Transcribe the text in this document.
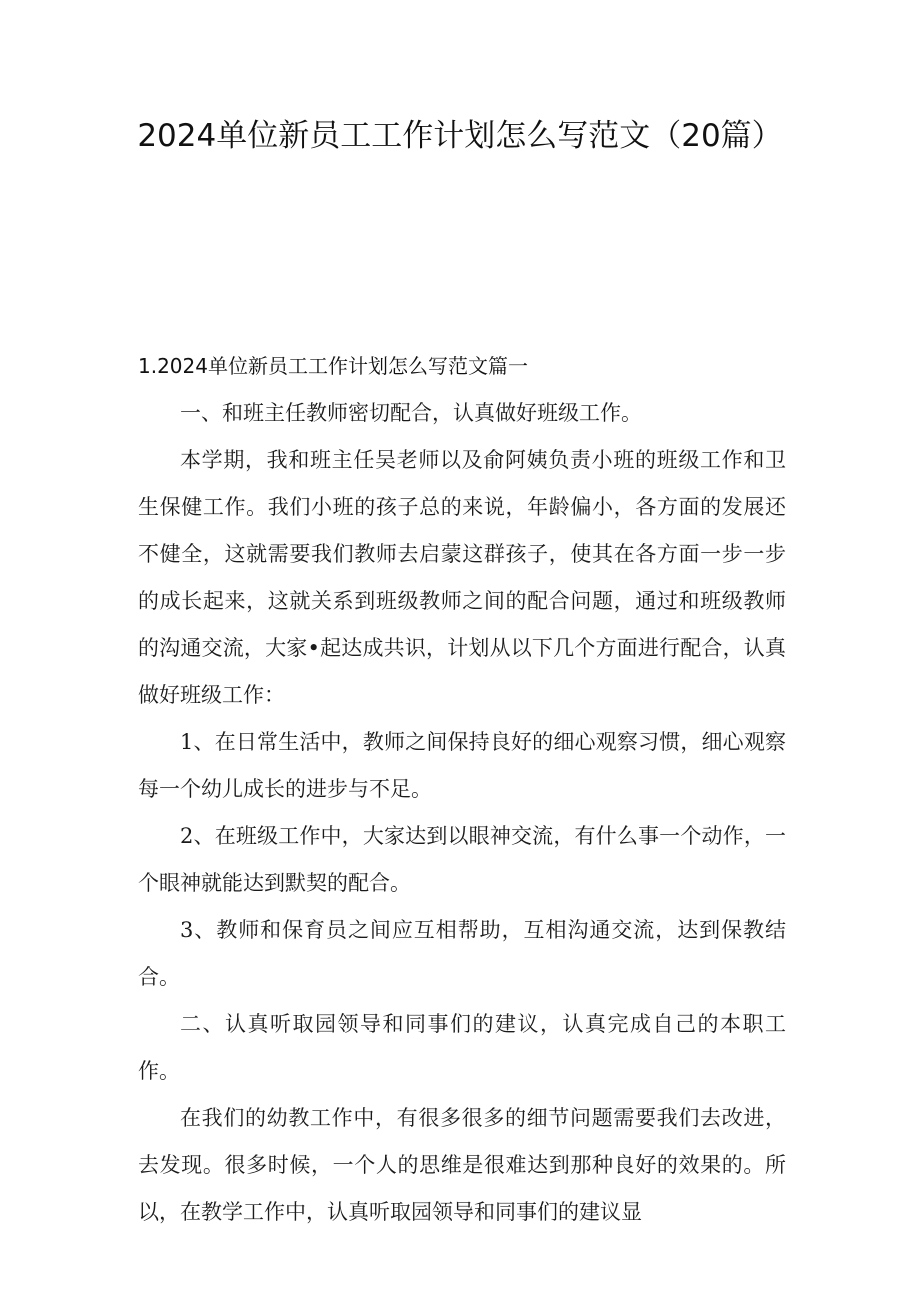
2024单位新员工工作计划怎么写范文（20篇）

1.2024单位新员工工作计划怎么写范文篇一

一、和班主任教师密切配合，认真做好班级工作。

本学期，我和班主任吴老师以及俞阿姨负责小班的班级工作和卫生保健工作。我们小班的孩子总的来说，年龄偏小，各方面的发展还不健全，这就需要我们教师去启蒙这群孩子，使其在各方面一步一步的成长起来，这就关系到班级教师之间的配合问题，通过和班级教师的沟通交流，大家•起达成共识，计划从以下几个方面进行配合，认真做好班级工作：

1、在日常生活中，教师之间保持良好的细心观察习惯，细心观察每一个幼儿成长的进步与不足。

2、在班级工作中，大家达到以眼神交流，有什么事一个动作，一个眼神就能达到默契的配合。

3、教师和保育员之间应互相帮助，互相沟通交流，达到保教结合。

二、认真听取园领导和同事们的建议，认真完成自己的本职工作。

在我们的幼教工作中，有很多很多的细节问题需要我们去改进，去发现。很多时候，一个人的思维是很难达到那种良好的效果的。所以，在教学工作中，认真听取园领导和同事们的建议显
